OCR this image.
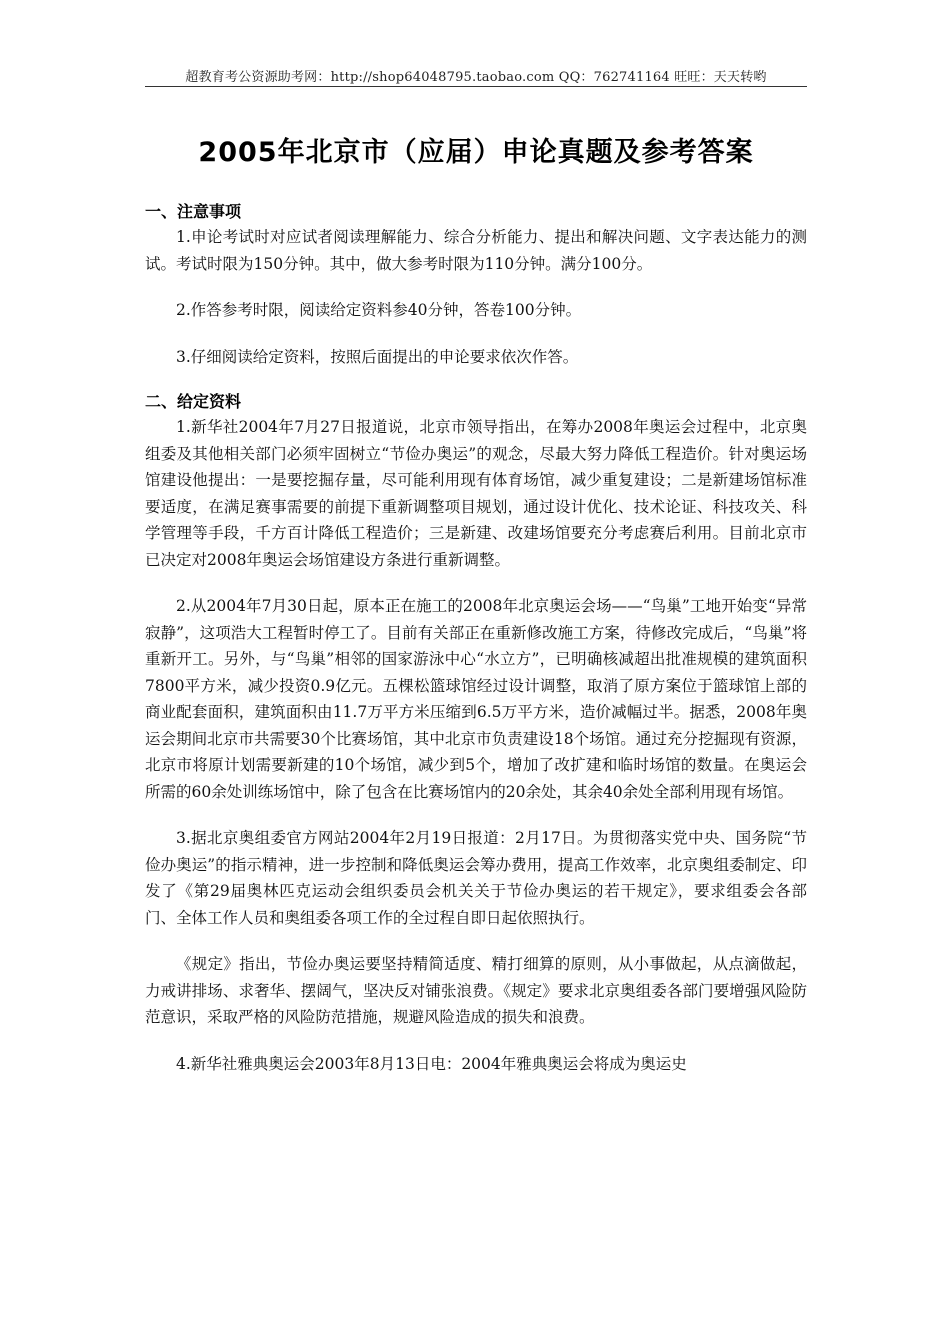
超教育考公资源助考网：http://shop64048795.taobao.com QQ：762741164 旺旺：天天转哟
2005年北京市（应届）申论真题及参考答案
一、注意事项

1.申论考试时对应试者阅读理解能力、综合分析能力、提出和解决问题、文字表达能力的测试。考试时限为150分钟。其中，做大参考时限为110分钟。满分100分。

2.作答参考时限，阅读给定资料参40分钟，答卷100分钟。

3.仔细阅读给定资料，按照后面提出的申论要求依次作答。

二、给定资料

1.新华社2004年7月27日报道说，北京市领导指出，在筹办2008年奥运会过程中，北京奥组委及其他相关部门必须牢固树立“节俭办奥运”的观念，尽最大努力降低工程造价。针对奥运场馆建设他提出：一是要挖掘存量，尽可能利用现有体育场馆，减少重复建设；二是新建场馆标准要适度，在满足赛事需要的前提下重新调整项目规划，通过设计优化、技术论证、科技攻关、科学管理等手段，千方百计降低工程造价；三是新建、改建场馆要充分考虑赛后利用。目前北京市已决定对2008年奥运会场馆建设方条进行重新调整。

2.从2004年7月30日起，原本正在施工的2008年北京奥运会场——“鸟巢”工地开始变“异常寂静”，这项浩大工程暂时停工了。目前有关部正在重新修改施工方案，待修改完成后，“鸟巢”将重新开工。另外，与“鸟巢”相邻的国家游泳中心“水立方”，已明确核减超出批准规模的建筑面积7800平方米，减少投资0.9亿元。五棵松篮球馆经过设计调整，取消了原方案位于篮球馆上部的商业配套面积，建筑面积由11.7万平方米压缩到6.5万平方米，造价减幅过半。据悉，2008年奥运会期间北京市共需要30个比赛场馆，其中北京市负责建设18个场馆。通过充分挖掘现有资源，北京市将原计划需要新建的10个场馆，减少到5个，增加了改扩建和临时场馆的数量。在奥运会所需的60余处训练场馆中，除了包含在比赛场馆内的20余处，其余40余处全部利用现有场馆。

3.据北京奥组委官方网站2004年2月19日报道：2月17日。为贯彻落实党中央、国务院“节俭办奥运”的指示精神，进一步控制和降低奥运会筹办费用，提高工作效率，北京奥组委制定、印发了《第29届奥林匹克运动会组织委员会机关关于节俭办奥运的若干规定》，要求组委会各部门、全体工作人员和奥组委各项工作的全过程自即日起依照执行。

《规定》指出，节俭办奥运要坚持精简适度、精打细算的原则，从小事做起，从点滴做起，力戒讲排场、求奢华、摆阔气，坚决反对铺张浪费。《规定》要求北京奥组委各部门要增强风险防范意识，采取严格的风险防范措施，规避风险造成的损失和浪费。

4.新华社雅典奥运会2003年8月13日电：2004年雅典奥运会将成为奥运史
